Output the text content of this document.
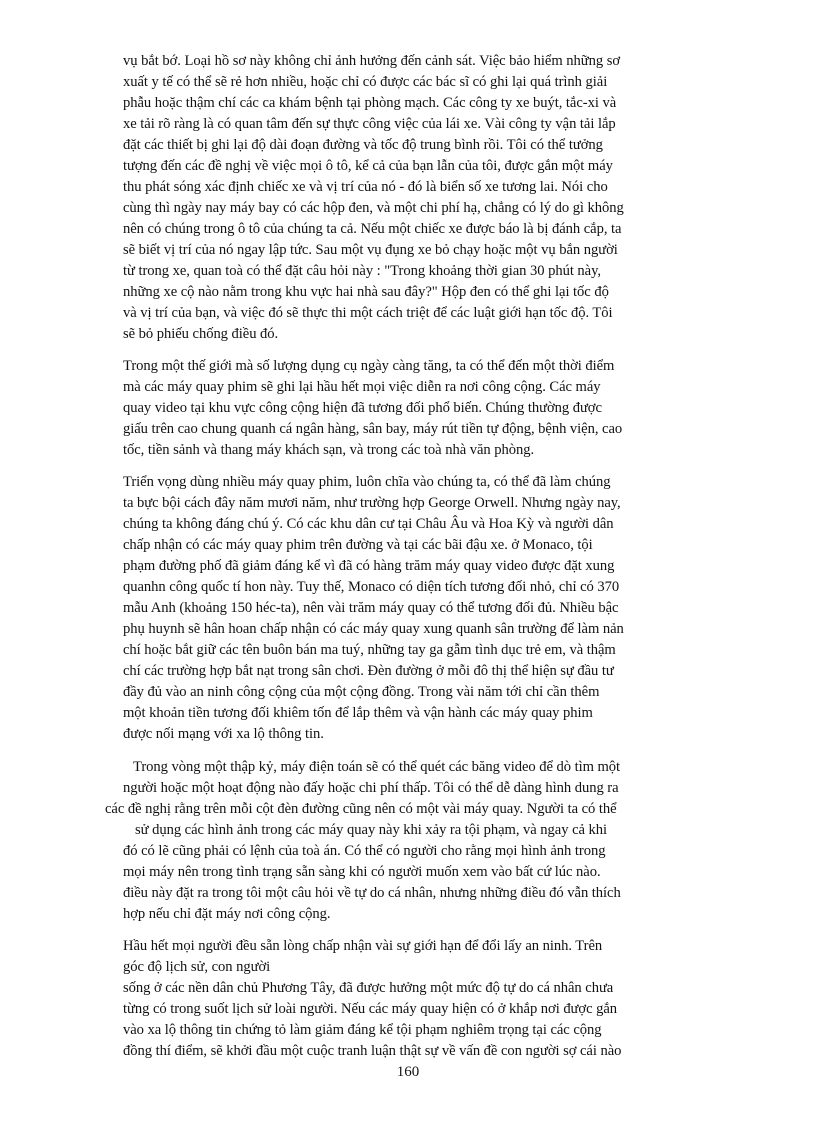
vụ bắt bớ. Loại hồ sơ này không chỉ ảnh hưởng đến cảnh sát. Việc bảo hiểm những sơ
xuất y tế có thể sẽ rẻ hơn nhiều, hoặc chỉ có được các bác sĩ có ghi lại quá trình giải
phẫu hoặc thậm chí các ca khám bệnh tại phòng mạch. Các công ty xe buýt, tắc-xi và
xe tải rõ ràng là có quan tâm đến sự thực công việc của lái xe. Vài công ty vận tải lắp
đặt các thiết bị ghi lại độ dài đoạn đường và tốc độ trung bình rồi. Tôi có thể tưởng
tượng đến các đề nghị về việc mọi ô tô, kể cả của bạn lẫn của tôi, được gắn một máy
thu phát sóng xác định chiếc xe và vị trí của nó - đó là biển số xe tương lai. Nói cho
cùng thì ngày nay máy bay có các hộp đen, và một chi phí hạ, chẳng có lý do gì không
nên có chúng trong ô tô của chúng ta cả. Nếu một chiếc xe được báo là bị đánh cắp, ta
sẽ biết vị trí của nó ngay lập tức. Sau một vụ đụng xe bỏ chạy hoặc một vụ bắn người
từ trong xe, quan toà có thể đặt câu hỏi này : "Trong khoảng thời gian 30 phút này,
những xe cộ nào nằm trong khu vực hai nhà sau đây?" Hộp đen có thể ghi lại tốc độ
và vị trí của bạn, và việc đó sẽ thực thi một cách triệt để các luật giới hạn tốc độ. Tôi
sẽ bỏ phiếu chống điều đó.
Trong một thế giới mà số lượng dụng cụ ngày càng tăng, ta có thể đến một thời điểm
mà các máy quay phim sẽ ghi lại hầu hết mọi việc diễn ra nơi công cộng. Các máy
quay video tại khu vực công cộng hiện đã tương đối phổ biến. Chúng thường được
giấu trên cao chung quanh cá ngân hàng, sân bay, máy rút tiền tự động, bệnh viện, cao
tốc, tiền sảnh và thang máy khách sạn, và trong các toà nhà văn phòng.
Triển vọng dùng nhiều máy quay phim, luôn chĩa vào chúng ta, có thể đã làm chúng
ta bực bội cách đây năm mươi năm, như trường hợp George Orwell. Nhưng ngày nay,
chúng ta không đáng chú ý. Có các khu dân cư tại Châu Âu và Hoa Kỳ và người dân
chấp nhận có các máy quay phim trên đường và tại các bãi đậu xe. ở Monaco, tội
phạm đường phố đã giảm đáng kể vì đã có hàng trăm máy quay video được đặt xung
quanhn công quốc tí hon này. Tuy thế, Monaco có diện tích tương đối nhỏ, chỉ có 370
mẫu Anh (khoảng 150 héc-ta), nên vài trăm máy quay có thể tương đối đủ. Nhiều bậc
phụ huynh sẽ hân hoan chấp nhận có các máy quay xung quanh sân trường để làm nản
chí hoặc bắt giữ các tên buôn bán ma tuý, những tay ga gẫm tình dục trẻ em, và thậm
chí các trường hợp bắt nạt trong sân chơi. Đèn đường ở mỗi đô thị thể hiện sự đầu tư
đầy đủ vào an ninh công cộng của một cộng đồng. Trong vài năm tới chỉ cần thêm
một khoản tiền tương đối khiêm tốn để lắp thêm và vận hành các máy quay phim
được nối mạng với xa lộ thông tin.
Trong vòng một thập kỷ, máy điện toán sẽ có thể quét các băng video để dò tìm một
người hoặc một hoạt động nào đấy hoặc chi phí thấp. Tôi có thể dễ dàng hình dung ra
các đề nghị rằng trên mỗi cột đèn đường cũng nên có một vài máy quay. Người ta có thể
sử dụng các hình ảnh trong các máy quay này khi xảy ra tội phạm, và ngay cả khi
đó có lẽ cũng phải có lệnh của toà án. Có thể có người cho rằng mọi hình ảnh trong
mọi máy nên trong tình trạng sẵn sàng khi có người muốn xem vào bất cứ lúc nào.
điều này đặt ra trong tôi một câu hỏi về tự do cá nhân, nhưng những điều đó vẫn thích
hợp nếu chỉ đặt máy nơi công cộng.
Hầu hết mọi người đều sẵn lòng chấp nhận vài sự giới hạn để đổi lấy an ninh. Trên
góc độ lịch sử, con người
sống ở các nền dân chủ Phương Tây, đã được hưởng một mức độ tự do cá nhân chưa
từng có trong suốt lịch sử loài người. Nếu các máy quay hiện có ở khắp nơi được gắn
vào xa lộ thông tin chứng tỏ làm giảm đáng kể tội phạm nghiêm trọng tại các cộng
đồng thí điểm, sẽ khởi đầu một cuộc tranh luận thật sự về vấn đề con người sợ cái nào
160
